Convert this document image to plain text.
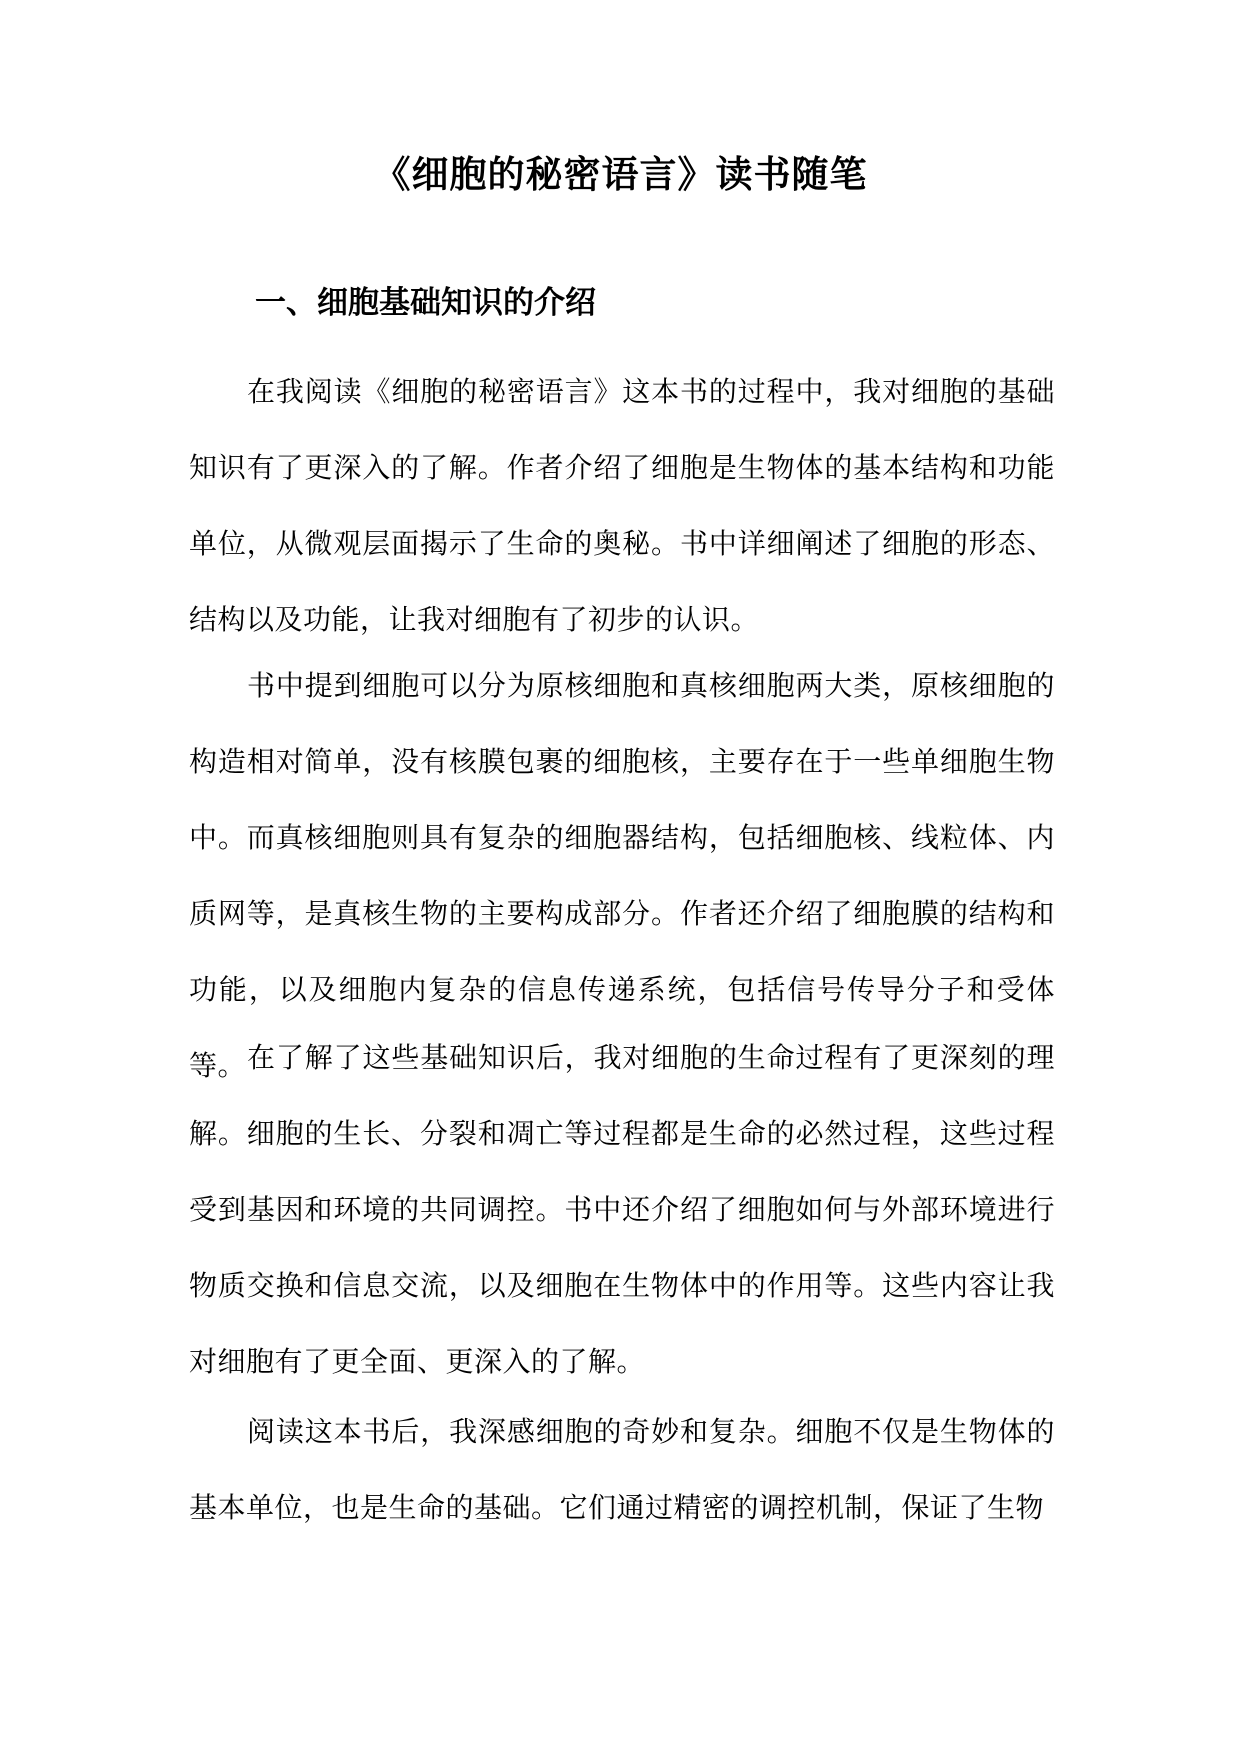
《细胞的秘密语言》读书随笔
一、细胞基础知识的介绍

在我阅读《细胞的秘密语言》这本书的过程中，我对细胞的基础知识有了更深入的了解。作者介绍了细胞是生物体的基本结构和功能单位，从微观层面揭示了生命的奥秘。书中详细阐述了细胞的形态、结构以及功能，让我对细胞有了初步的认识。

书中提到细胞可以分为原核细胞和真核细胞两大类，原核细胞的构造相对简单，没有核膜包裹的细胞核，主要存在于一些单细胞生物中。而真核细胞则具有复杂的细胞器结构，包括细胞核、线粒体、内质网等，是真核生物的主要构成部分。作者还介绍了细胞膜的结构和功能，以及细胞内复杂的信息传递系统，包括信号传导分子和受体等。 在了解了这些基础知识后，我对细胞的生命过程有了更深刻的理解。细胞的生长、分裂和凋亡等过程都是生命的必然过程，这些过程受到基因和环境的共同调控。书中还介绍了细胞如何与外部环境进行物质交换和信息交流，以及细胞在生物体中的作用等。这些内容让我对细胞有了更全面、更深入的了解。

阅读这本书后，我深感细胞的奇妙和复杂。细胞不仅是生物体的基本单位，也是生命的基础。它们通过精密的调控机制，保证了生物
